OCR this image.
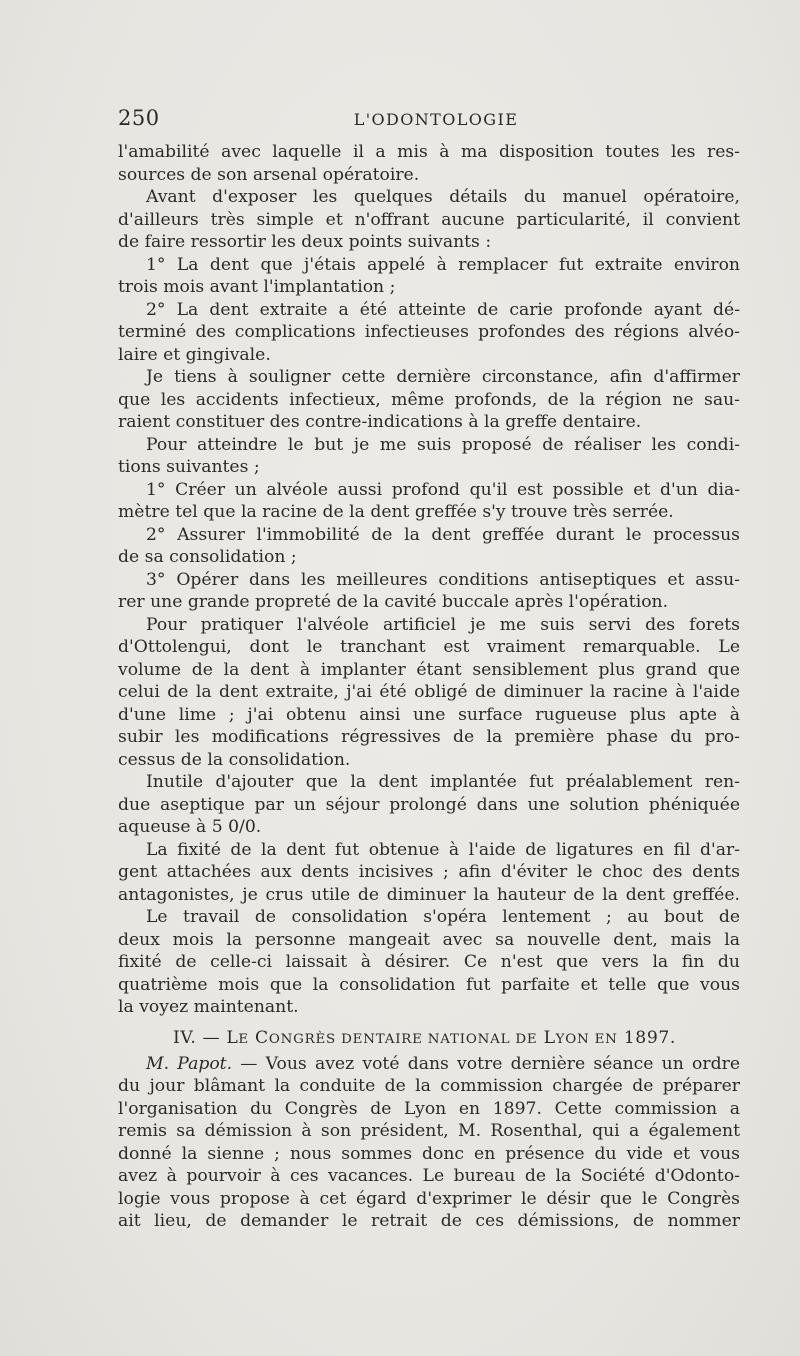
250	L'ODONTOLOGIE
l'amabilité avec laquelle il a mis à ma disposition toutes les res-
sources de son arsenal opératoire.
Avant d'exposer les quelques détails du manuel opératoire,
d'ailleurs très simple et n'offrant aucune particularité, il convient
de faire ressortir les deux points suivants :
1° La dent que j'étais appelé à remplacer fut extraite environ
trois mois avant l'implantation ;
2° La dent extraite a été atteinte de carie profonde ayant dé-
terminé des complications infectieuses profondes des régions alvéo-
laire et gingivale.
Je tiens à souligner cette dernière circonstance, afin d'affirmer
que les accidents infectieux, même profonds, de la région ne sau-
raient constituer des contre-indications à la greffe dentaire.
Pour atteindre le but je me suis proposé de réaliser les condi-
tions suivantes ;
1° Créer un alvéole aussi profond qu'il est possible et d'un dia-
mètre tel que la racine de la dent greffée s'y trouve très serrée.
2° Assurer l'immobilité de la dent greffée durant le processus
de sa consolidation ;
3° Opérer dans les meilleures conditions antiseptiques et assu-
rer une grande propreté de la cavité buccale après l'opération.
Pour pratiquer l'alvéole artificiel je me suis servi des forets
d'Ottolengui, dont le tranchant est vraiment remarquable. Le
volume de la dent à implanter étant sensiblement plus grand que
celui de la dent extraite, j'ai été obligé de diminuer la racine à l'aide
d'une lime ; j'ai obtenu ainsi une surface rugueuse plus apte à
subir les modifications régressives de la première phase du pro-
cessus de la consolidation.
Inutile d'ajouter que la dent implantée fut préalablement ren-
due aseptique par un séjour prolongé dans une solution phéniquée
aqueuse à 5 0/0.
La fixité de la dent fut obtenue à l'aide de ligatures en fil d'ar-
gent attachées aux dents incisives ; afin d'éviter le choc des dents
antagonistes, je crus utile de diminuer la hauteur de la dent greffée.
Le travail de consolidation s'opéra lentement ; au bout de
deux mois la personne mangeait avec sa nouvelle dent, mais la
fixité de celle-ci laissait à désirer. Ce n'est que vers la fin du
quatrième mois que la consolidation fut parfaite et telle que vous
la voyez maintenant.
IV. — LE CONGRÈS DENTAIRE NATIONAL DE LYON EN 1897.
M. Papot. — Vous avez voté dans votre dernière séance un ordre
du jour blâmant la conduite de la commission chargée de préparer
l'organisation du Congrès de Lyon en 1897. Cette commission a
remis sa démission à son président, M. Rosenthal, qui a également
donné la sienne ; nous sommes donc en présence du vide et vous
avez à pourvoir à ces vacances. Le bureau de la Société d'Odonto-
logie vous propose à cet égard d'exprimer le désir que le Congrès
ait lieu, de demander le retrait de ces démissions, de nommer
